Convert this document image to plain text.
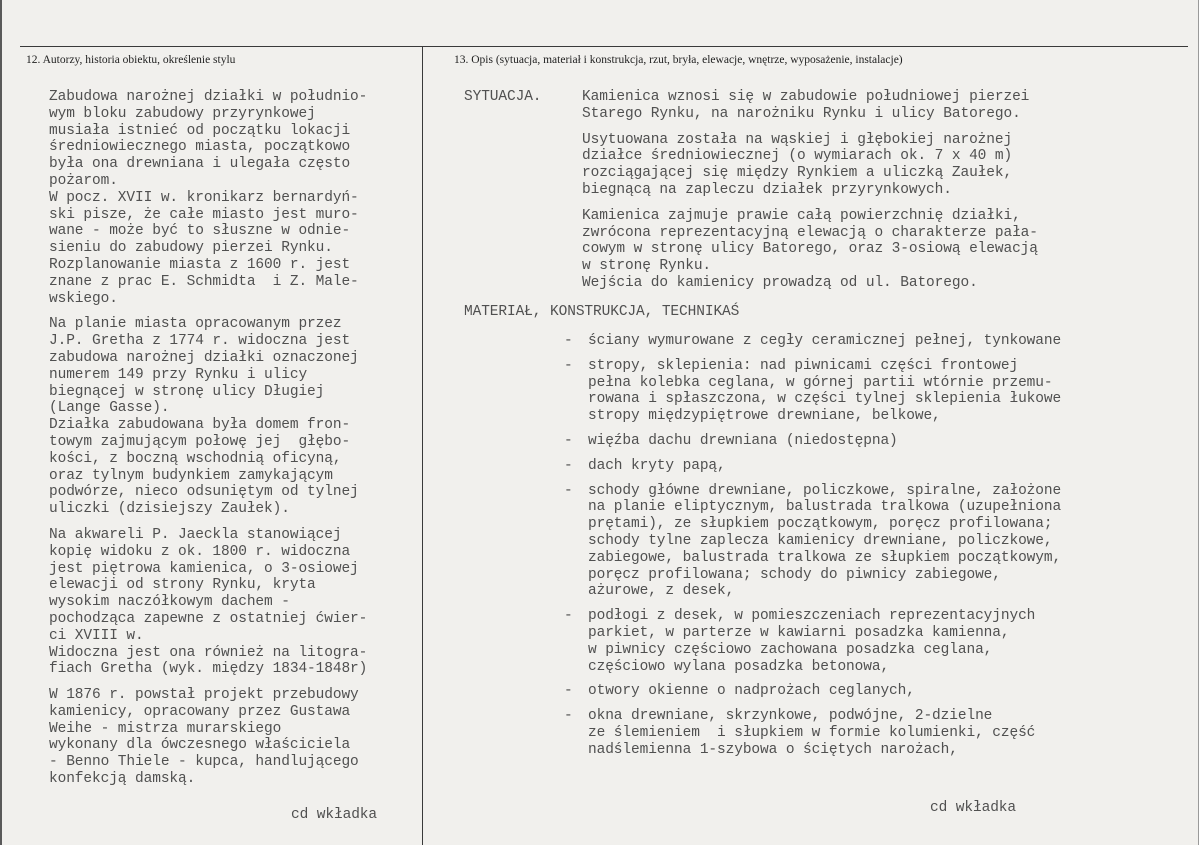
12. Autorzy, historia obiektu, określenie stylu	13. Opis (sytuacja, materiał i konstrukcja, rzut, bryła, elewacje, wnętrze, wyposażenie, instalacje)
Zabudowa narożnej działki w południo-
wym bloku zabudowy przyrynkowej
musiała istnieć od początku lokacji
średniowiecznego miasta, początkowo
była ona drewniana i ulegała często
pożarom.
W pocz. XVII w. kronikarz bernardyń-
ski pisze, że całe miasto jest muro-
wane - może być to słuszne w odnie-
sieniu do zabudowy pierzei Rynku.
Rozplanowanie miasta z 1600 r. jest
znane z prac E. Schmidta  i Z. Male-
wskiego.
Na planie miasta opracowanym przez
J.P. Gretha z 1774 r. widoczna jest
zabudowa narożnej działki oznaczonej
numerem 149 przy Rynku i ulicy
biegnącej w stronę ulicy Długiej
(Lange Gasse).
Działka zabudowana była domem fron-
towym zajmującym połowę jej  głębo-
kości, z boczną wschodnią oficyną,
oraz tylnym budynkiem zamykającym
podwórze, nieco odsuniętym od tylnej
uliczki (dzisiejszy Zaułek).
Na akwareli P. Jaeckla stanowiącej
kopię widoku z ok. 1800 r. widoczna
jest piętrowa kamienica, o 3-osiowej
elewacji od strony Rynku, kryta
wysokim naczółkowym dachem -
pochodząca zapewne z ostatniej ćwier-
ci XVIII w.
Widoczna jest ona również na litogra-
fiach Gretha (wyk. między 1834-1848r)
W 1876 r. powstał projekt przebudowy
kamienicy, opracowany przez Gustawa
Weihe - mistrza murarskiego
wykonany dla ówczesnego właściciela
- Benno Thiele - kupca, handlującego
konfekcją damską.
cd wkładka
SYTUACJA.	Kamienica wznosi się w zabudowie południowej pierzei
Starego Rynku, na narożniku Rynku i ulicy Batorego.
Usytuowana została na wąskiej i głębokiej narożnej
działce średniowiecznej (o wymiarach ok. 7 x 40 m)
rozciągającej się między Rynkiem a uliczką Zaułek,
biegnącą na zapleczu działek przyrynkowych.
Kamienica zajmuje prawie całą powierzchnię działki,
zwrócona reprezentacyjną elewacją o charakterze pała-
cowym w stronę ulicy Batorego, oraz 3-osiową elewacją
w stronę Rynku.
Wejścia do kamienicy prowadzą od ul. Batorego.
MATERIAŁ, KONSTRUKCJA, TECHNIKAŚ
- ściany wymurowane z cegły ceramicznej pełnej, tynkowane
- stropy, sklepienia: nad piwnicami części frontowej
pełna kolebka ceglana, w górnej partii wtórnie przemu-
rowana i spłaszczona, w części tylnej sklepienia łukowe
stropy międzypiętrowe drewniane, belkowe,
- więźba dachu drewniana (niedostępna)
- dach kryty papą,
- schody główne drewniane, policzkowe, spiralne, założone
na planie eliptycznym, balustrada tralkowa (uzupełniona
prętami), ze słupkiem początkowym, poręcz profilowana;
schody tylne zaplecza kamienicy drewniane, policzkowe,
zabiegowe, balustrada tralkowa ze słupkiem początkowym,
poręcz profilowana; schody do piwnicy zabiegowe,
ażurowe, z desek,
- podłogi z desek, w pomieszczeniach reprezentacyjnych
parkiet, w parterze w kawiarni posadzka kamienna,
w piwnicy częściowo zachowana posadzka ceglana,
częściowo wylana posadzka betonowa,
- otwory okienne o nadprożach ceglanych,
- okna drewniane, skrzynkowe, podwójne, 2-dzielne
ze ślemieniem  i słupkiem w formie kolumienki, część
nadślemienna 1-szybowa o ściętych narożach,
cd wkładka
